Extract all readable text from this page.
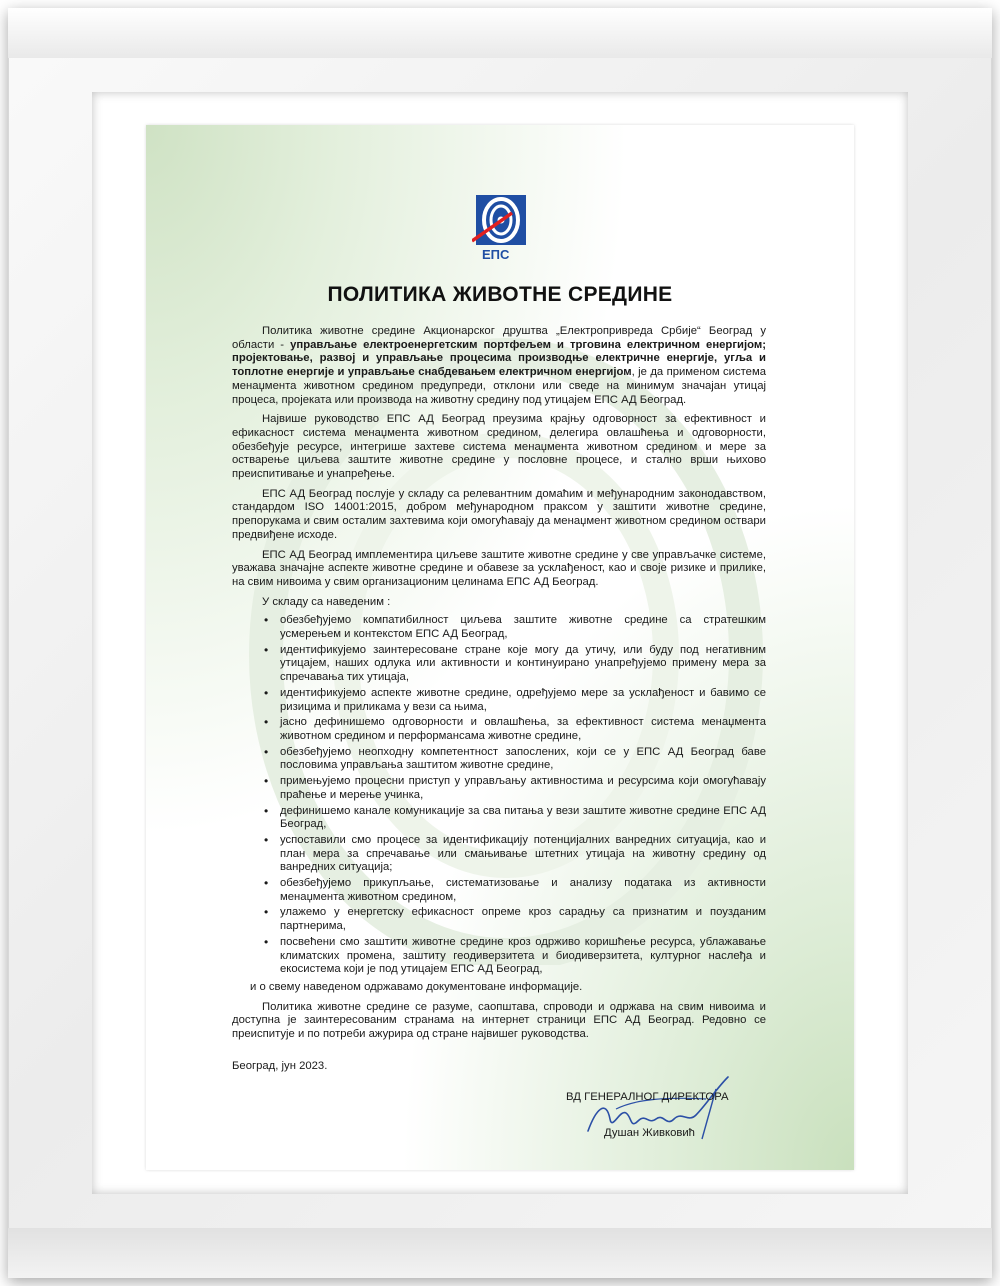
ЕПС
ПОЛИТИКА ЖИВОТНЕ СРЕДИНЕ

Политика животне средине Акционарског друштва „Електропривреда Србије“ Београд у области - управљање електроенергетским портфељем и трговина електричном енергијом; пројектовање, развој и управљање процесима производње електричне енергије, угља и топлотне енергије и управљање снабдевањем електричном енергијом, је да применом система менаџмента животном средином предупреди, отклони или сведе на минимум значајан утицај процеса, пројеката или производа на животну средину под утицајем ЕПС АД Београд.

Највише руководство ЕПС АД Београд преузима крајњу одговорност за ефективност и ефикасност система менаџмента животном средином, делегира овлашћења и одговорности, обезбеђује ресурсе, интегрише захтеве система менаџмента животном средином и мере за остварење циљева заштите животне средине у пословне процесе, и стално врши њихово преиспитивање и унапређење.

ЕПС АД Београд послује у складу са релевантним домаћим и међународним законодавством, стандардом ISO 14001:2015, добром међународном праксом у заштити животне средине, препорукама и свим осталим захтевима који омогућавају да менаџмент животном средином оствари предвиђене исходе.

ЕПС АД Београд имплементира циљеве заштите животне средине у све управљачке системе, уважава значајне аспекте животне средине и обавезе за усклађеност, као и своје ризике и прилике, на свим нивоима у свим организационим целинама ЕПС АД Београд.

У складу са наведеним :

• обезбеђујемо компатибилност циљева заштите животне средине са стратешким усмерењем и контекстом ЕПС АД Београд,
• идентификујемо заинтересоване стране које могу да утичу, или буду под негативним утицајем, наших одлука или активности и континуирано унапређујемо примену мера за спречавања тих утицаја,
• идентификујемо аспекте животне средине, одређујемо мере за усклађеност и бавимо се ризицима и приликама у вези са њима,
• јасно дефинишемо одговорности и овлашћења, за ефективност система менаџмента животном средином и перформансама животне средине,
• обезбеђујемо неопходну компетентност запослених, који се у ЕПС АД Београд баве пословима управљања заштитом животне средине,
• примењујемо процесни приступ у управљању активностима и ресурсима који омогућавају праћење и мерење учинка,
• дефинишемо канале комуникације за сва питања у вези заштите животне средине ЕПС АД Београд,
• успоставили смо процесе за идентификацију потенцијалних ванредних ситуација, као и план мера за спречавање или смањивање штетних утицаја на животну средину од ванредних ситуација;
• обезбеђујемо прикупљање, систематизовање и анализу података из активности менаџмента животном средином,
• улажемо у енергетску ефикасност опреме кроз сарадњу са признатим и поузданим партнерима,
• посвећени смо заштити животне средине кроз одрживо коришћење ресурса, ублажавање климатских промена, заштиту геодиверзитета и биодиверзитета, културног наслеђа и екосистема који је под утицајем ЕПС АД Београд,

и о свему наведеном одржавамо документоване информације.

Политика животне средине се разуме, саопштава, спроводи и одржава на свим нивоима и доступна је заинтересованим странама на интернет страници ЕПС АД Београд. Редовно се преиспитује и по потреби ажурира од стране највишег руководства.

Београд, јун 2023.
ВД ГЕНЕРАЛНОГ ДИРЕКТОРА
Душан Живковић
